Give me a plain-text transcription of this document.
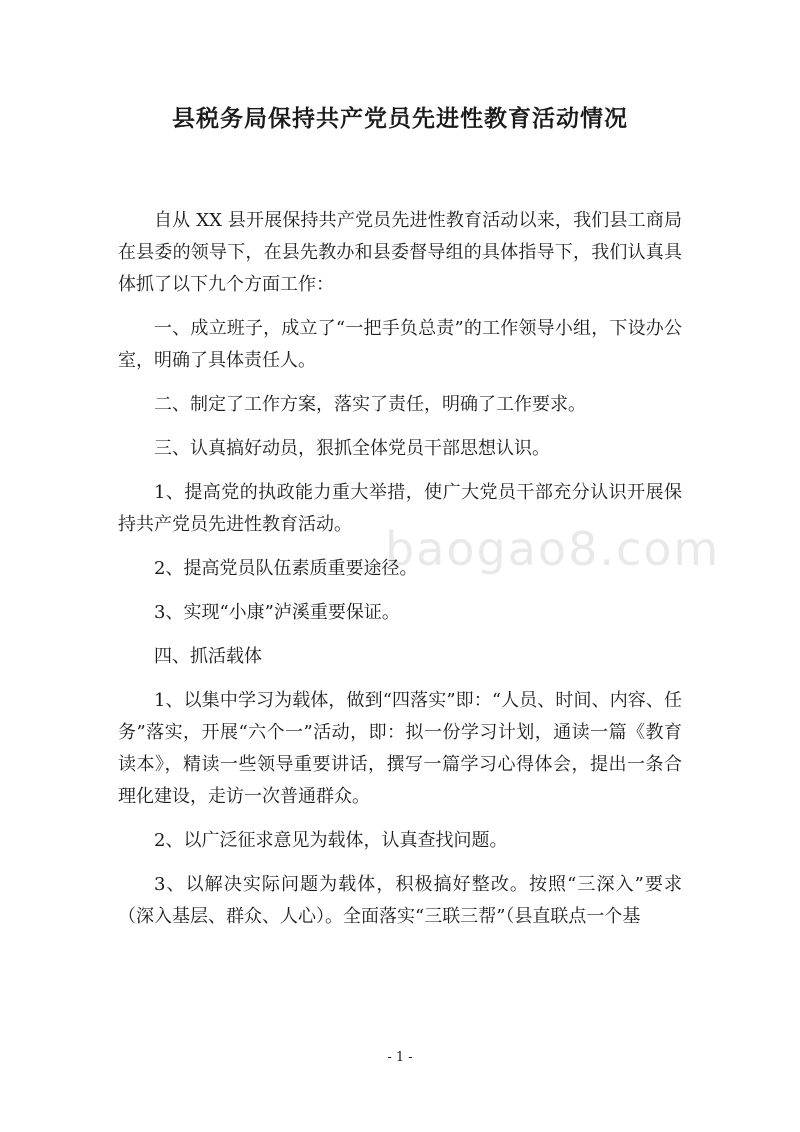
baogao8.com
县税务局保持共产党员先进性教育活动情况

自从 XX 县开展保持共产党员先进性教育活动以来，我们县工商局在县委的领导下，在县先教办和县委督导组的具体指导下，我们认真具体抓了以下九个方面工作：

一、成立班子，成立了“一把手负总责”的工作领导小组，下设办公室，明确了具体责任人。

二、制定了工作方案，落实了责任，明确了工作要求。

三、认真搞好动员，狠抓全体党员干部思想认识。

1、提高党的执政能力重大举措，使广大党员干部充分认识开展保持共产党员先进性教育活动。

2、提高党员队伍素质重要途径。

3、实现“小康”泸溪重要保证。

四、抓活载体

1、以集中学习为载体，做到“四落实”即：“人员、时间、内容、任务”落实，开展“六个一”活动，即：拟一份学习计划，通读一篇《教育读本》，精读一些领导重要讲话，撰写一篇学习心得体会，提出一条合理化建设，走访一次普通群众。

2、以广泛征求意见为载体，认真查找问题。

3、以解决实际问题为载体，积极搞好整改。按照“三深入”要求（深入基层、群众、人心）。全面落实“三联三帮”（县直联点一个基

- 1 -
